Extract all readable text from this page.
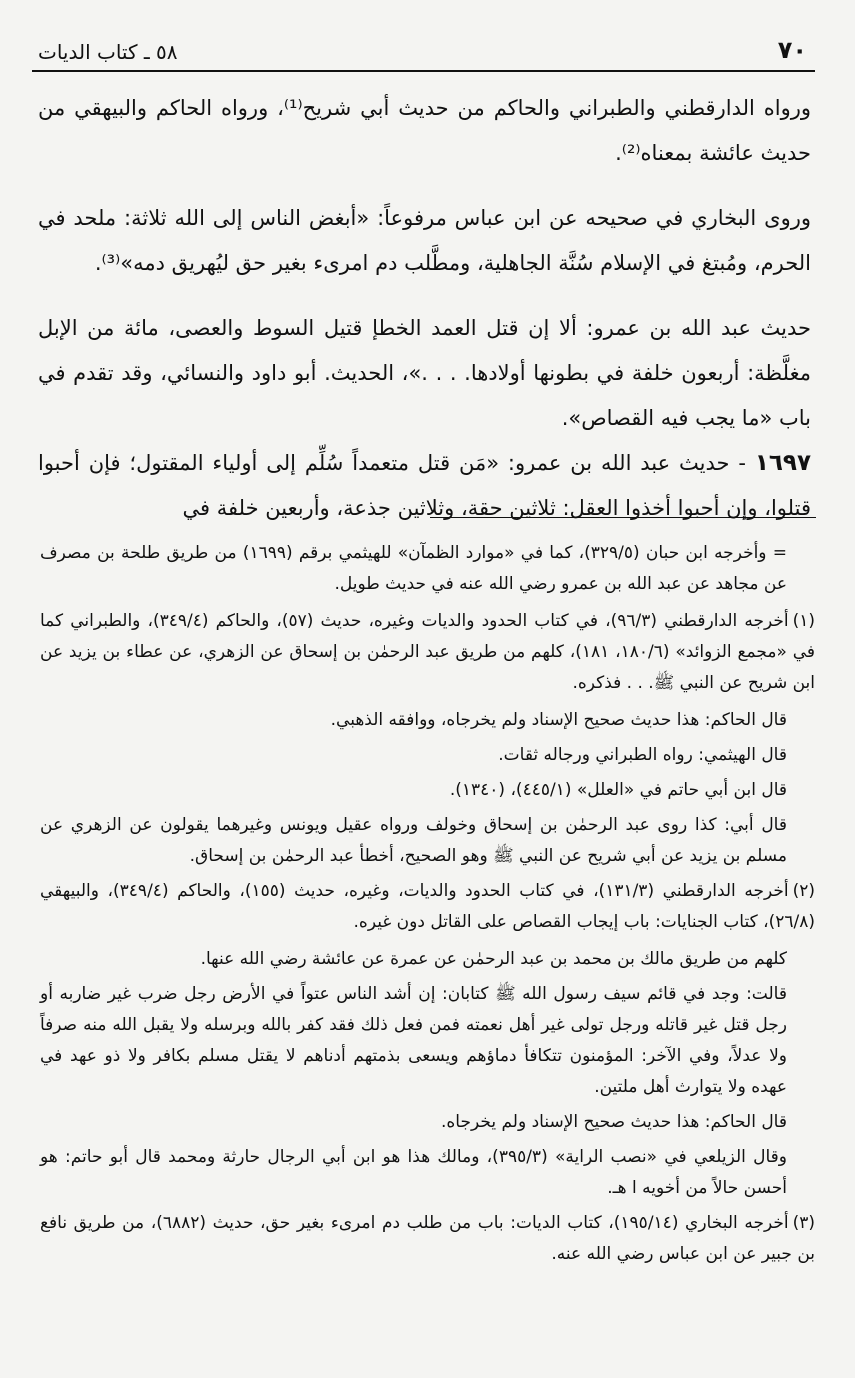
٧٠
٥٨ ـ كتاب الديات

ورواه الدارقطني والطبراني والحاكم من حديث أبي شريح⁽¹⁾، ورواه الحاكم والبيهقي من حديث عائشة بمعناه⁽²⁾.

وروى البخاري في صحيحه عن ابن عباس مرفوعاً: «أبغض الناس إلى الله ثلاثة: ملحد في الحرم، ومُبتغ في الإسلام سُنَّة الجاهلية، ومطَّلب دم امرىء بغير حق ليُهريق دمه»⁽³⁾.

حديث عبد الله بن عمرو: ألا إن قتل العمد الخطإ قتيل السوط والعصى، مائة من الإبل مغلَّظة: أربعون خلفة في بطونها أولادها. . . .»، الحديث. أبو داود والنسائي، وقد تقدم في باب «ما يجب فيه القصاص».

١٦٩٧ - حديث عبد الله بن عمرو: «مَن قتل متعمداً سُلِّم إلى أولياء المقتول؛ فإن أحبوا قتلوا، وإن أحبوا أخذوا العقل: ثلاثين حقة، وثلاثين جذعة، وأربعين خلفة في

= وأخرجه ابن حبان (٣٢٩/٥)، كما في «موارد الظمآن» للهيثمي برقم (١٦٩٩) من طريق طلحة بن مصرف عن مجاهد عن عبد الله بن عمرو رضي الله عنه في حديث طويل.

(١)أخرجه الدارقطني (٩٦/٣)، في كتاب الحدود والديات وغيره، حديث (٥٧)، والحاكم (٣٤٩/٤)، والطبراني كما في «مجمع الزوائد» (١٨٠/٦، ١٨١)، كلهم من طريق عبد الرحمٰن بن إسحاق عن الزهري، عن عطاء بن يزيد عن ابن شريح عن النبي ﷺ. . . فذكره.

قال الحاكم: هذا حديث صحيح الإسناد ولم يخرجاه، ووافقه الذهبي.

قال الهيثمي: رواه الطبراني ورجاله ثقات.

قال ابن أبي حاتم في «العلل» (٤٤٥/١)، (١٣٤٠).

قال أبي: كذا روى عبد الرحمٰن بن إسحاق وخولف ورواه عقيل ويونس وغيرهما يقولون عن الزهري عن مسلم بن يزيد عن أبي شريح عن النبي ﷺ وهو الصحيح، أخطأ عبد الرحمٰن بن إسحاق.

(٢)أخرجه الدارقطني (١٣١/٣)، في كتاب الحدود والديات، وغيره، حديث (١٥٥)، والحاكم (٣٤٩/٤)، والبيهقي (٢٦/٨)، كتاب الجنايات: باب إيجاب القصاص على القاتل دون غيره.

كلهم من طريق مالك بن محمد بن عبد الرحمٰن عن عمرة عن عائشة رضي الله عنها.

قالت: وجد في قائم سيف رسول الله ﷺ كتابان: إن أشد الناس عتواً في الأرض رجل ضرب غير ضاربه أو رجل قتل غير قاتله ورجل تولى غير أهل نعمته فمن فعل ذلك فقد كفر بالله وبرسله ولا يقبل الله منه صرفاً ولا عدلاً، وفي الآخر: المؤمنون تتكافأ دماؤهم ويسعى بذمتهم أدناهم لا يقتل مسلم بكافر ولا ذو عهد في عهده ولا يتوارث أهل ملتين.

قال الحاكم: هذا حديث صحيح الإسناد ولم يخرجاه.

وقال الزيلعي في «نصب الراية» (٣٩٥/٣)، ومالك هذا هو ابن أبي الرجال حارثة ومحمد قال أبو حاتم: هو أحسن حالاً من أخويه ا هـ.

(٣)أخرجه البخاري (١٩٥/١٤)، كتاب الديات: باب من طلب دم امرىء بغير حق، حديث (٦٨٨٢)، من طريق نافع بن جبير عن ابن عباس رضي الله عنه.
